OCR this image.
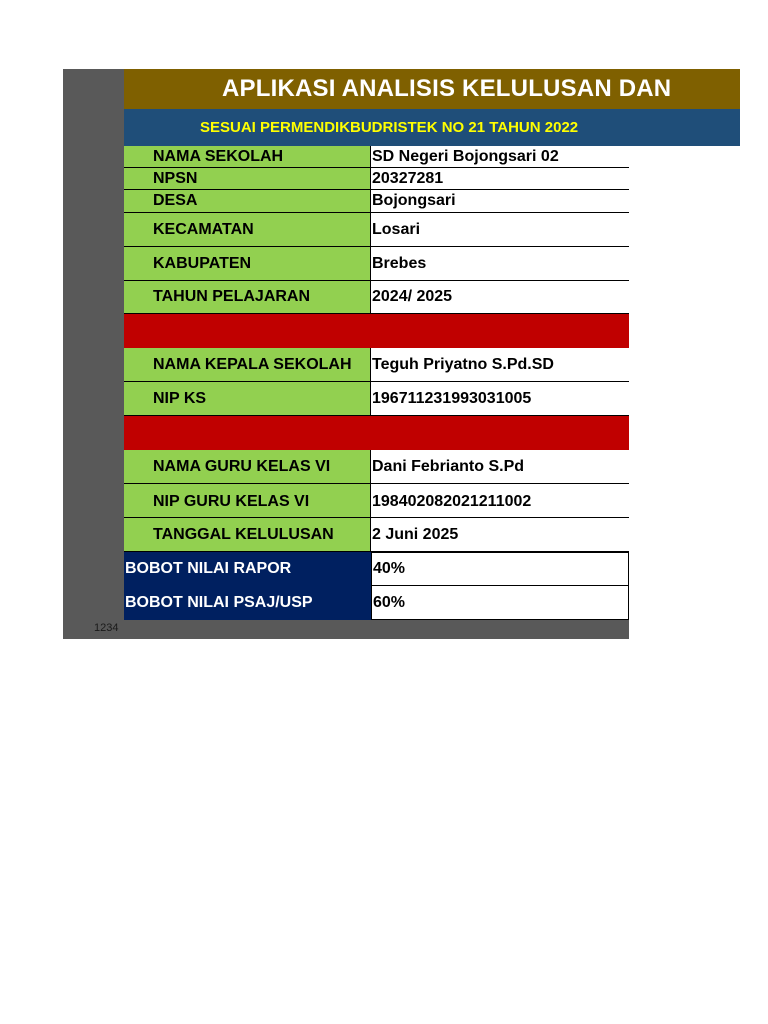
1234
APLIKASI ANALISIS KELULUSAN DAN
SESUAI PERMENDIKBUDRISTEK NO 21 TAHUN 2022
NAMA SEKOLAH	SD Negeri Bojongsari 02
NPSN	20327281
DESA	Bojongsari
KECAMATAN	Losari
KABUPATEN	Brebes
TAHUN PELAJARAN	2024/ 2025
NAMA KEPALA SEKOLAH	Teguh Priyatno S.Pd.SD
NIP KS	196711231993031005
NAMA GURU KELAS VI	Dani Febrianto S.Pd
NIP GURU KELAS VI	198402082021211002
TANGGAL KELULUSAN	2 Juni 2025
BOBOT NILAI RAPOR	40%
BOBOT NILAI PSAJ/USP	60%
